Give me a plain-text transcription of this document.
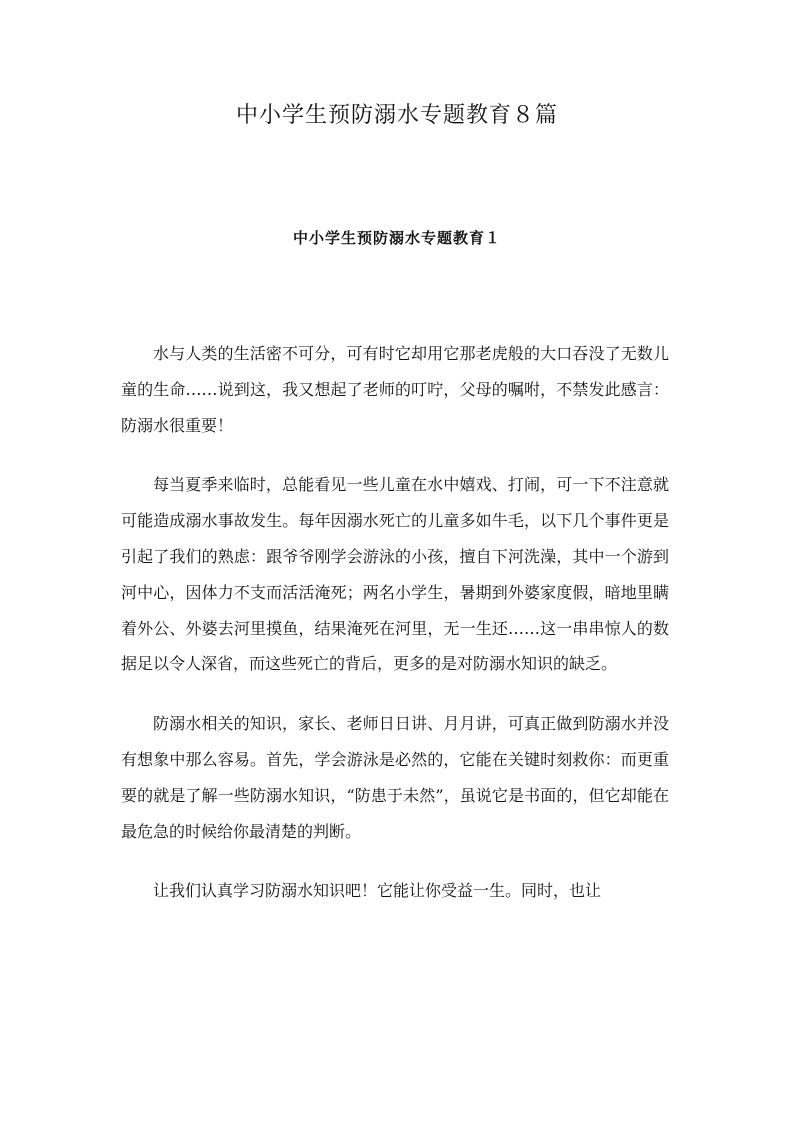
中小学生预防溺水专题教育８篇
中小学生预防溺水专题教育１

水与人类的生活密不可分，可有时它却用它那老虎般的大口吞没了无数儿童的生命……说到这，我又想起了老师的叮咛，父母的嘱咐，不禁发此感言：防溺水很重要！

每当夏季来临时，总能看见一些儿童在水中嬉戏、打闹，可一下不注意就可能造成溺水事故发生。每年因溺水死亡的儿童多如牛毛，以下几个事件更是引起了我们的熟虑：跟爷爷刚学会游泳的小孩，擅自下河洗澡，其中一个游到河中心，因体力不支而活活淹死；两名小学生，暑期到外婆家度假，暗地里瞒着外公、外婆去河里摸鱼，结果淹死在河里，无一生还……这一串串惊人的数据足以令人深省，而这些死亡的背后，更多的是对防溺水知识的缺乏。

防溺水相关的知识，家长、老师日日讲、月月讲，可真正做到防溺水并没有想象中那么容易。首先，学会游泳是必然的，它能在关键时刻救你：而更重要的就是了解一些防溺水知识，“防患于未然”，虽说它是书面的，但它却能在最危急的时候给你最清楚的判断。

让我们认真学习防溺水知识吧！它能让你受益一生。同时，也让
